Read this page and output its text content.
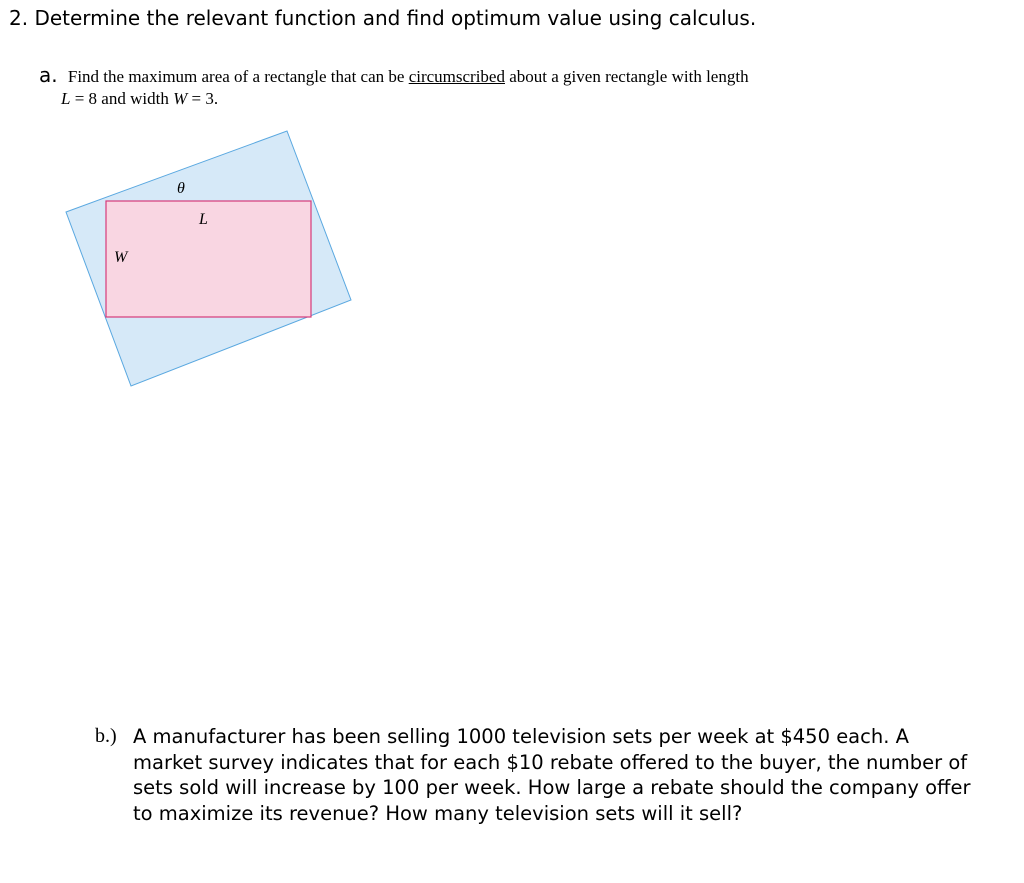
2. Determine the relevant function and find optimum value using calculus.
a. Find the maximum area of a rectangle that can be circumscribed about a given rectangle with length
L = 8 and width W = 3.
θ
L
W
b.) A manufacturer has been selling 1000 television sets per week at $450 each. A market survey indicates that for each $10 rebate offered to the buyer, the number of sets sold will increase by 100 per week. How large a rebate should the company offer to maximize its revenue? How many television sets will it sell?
